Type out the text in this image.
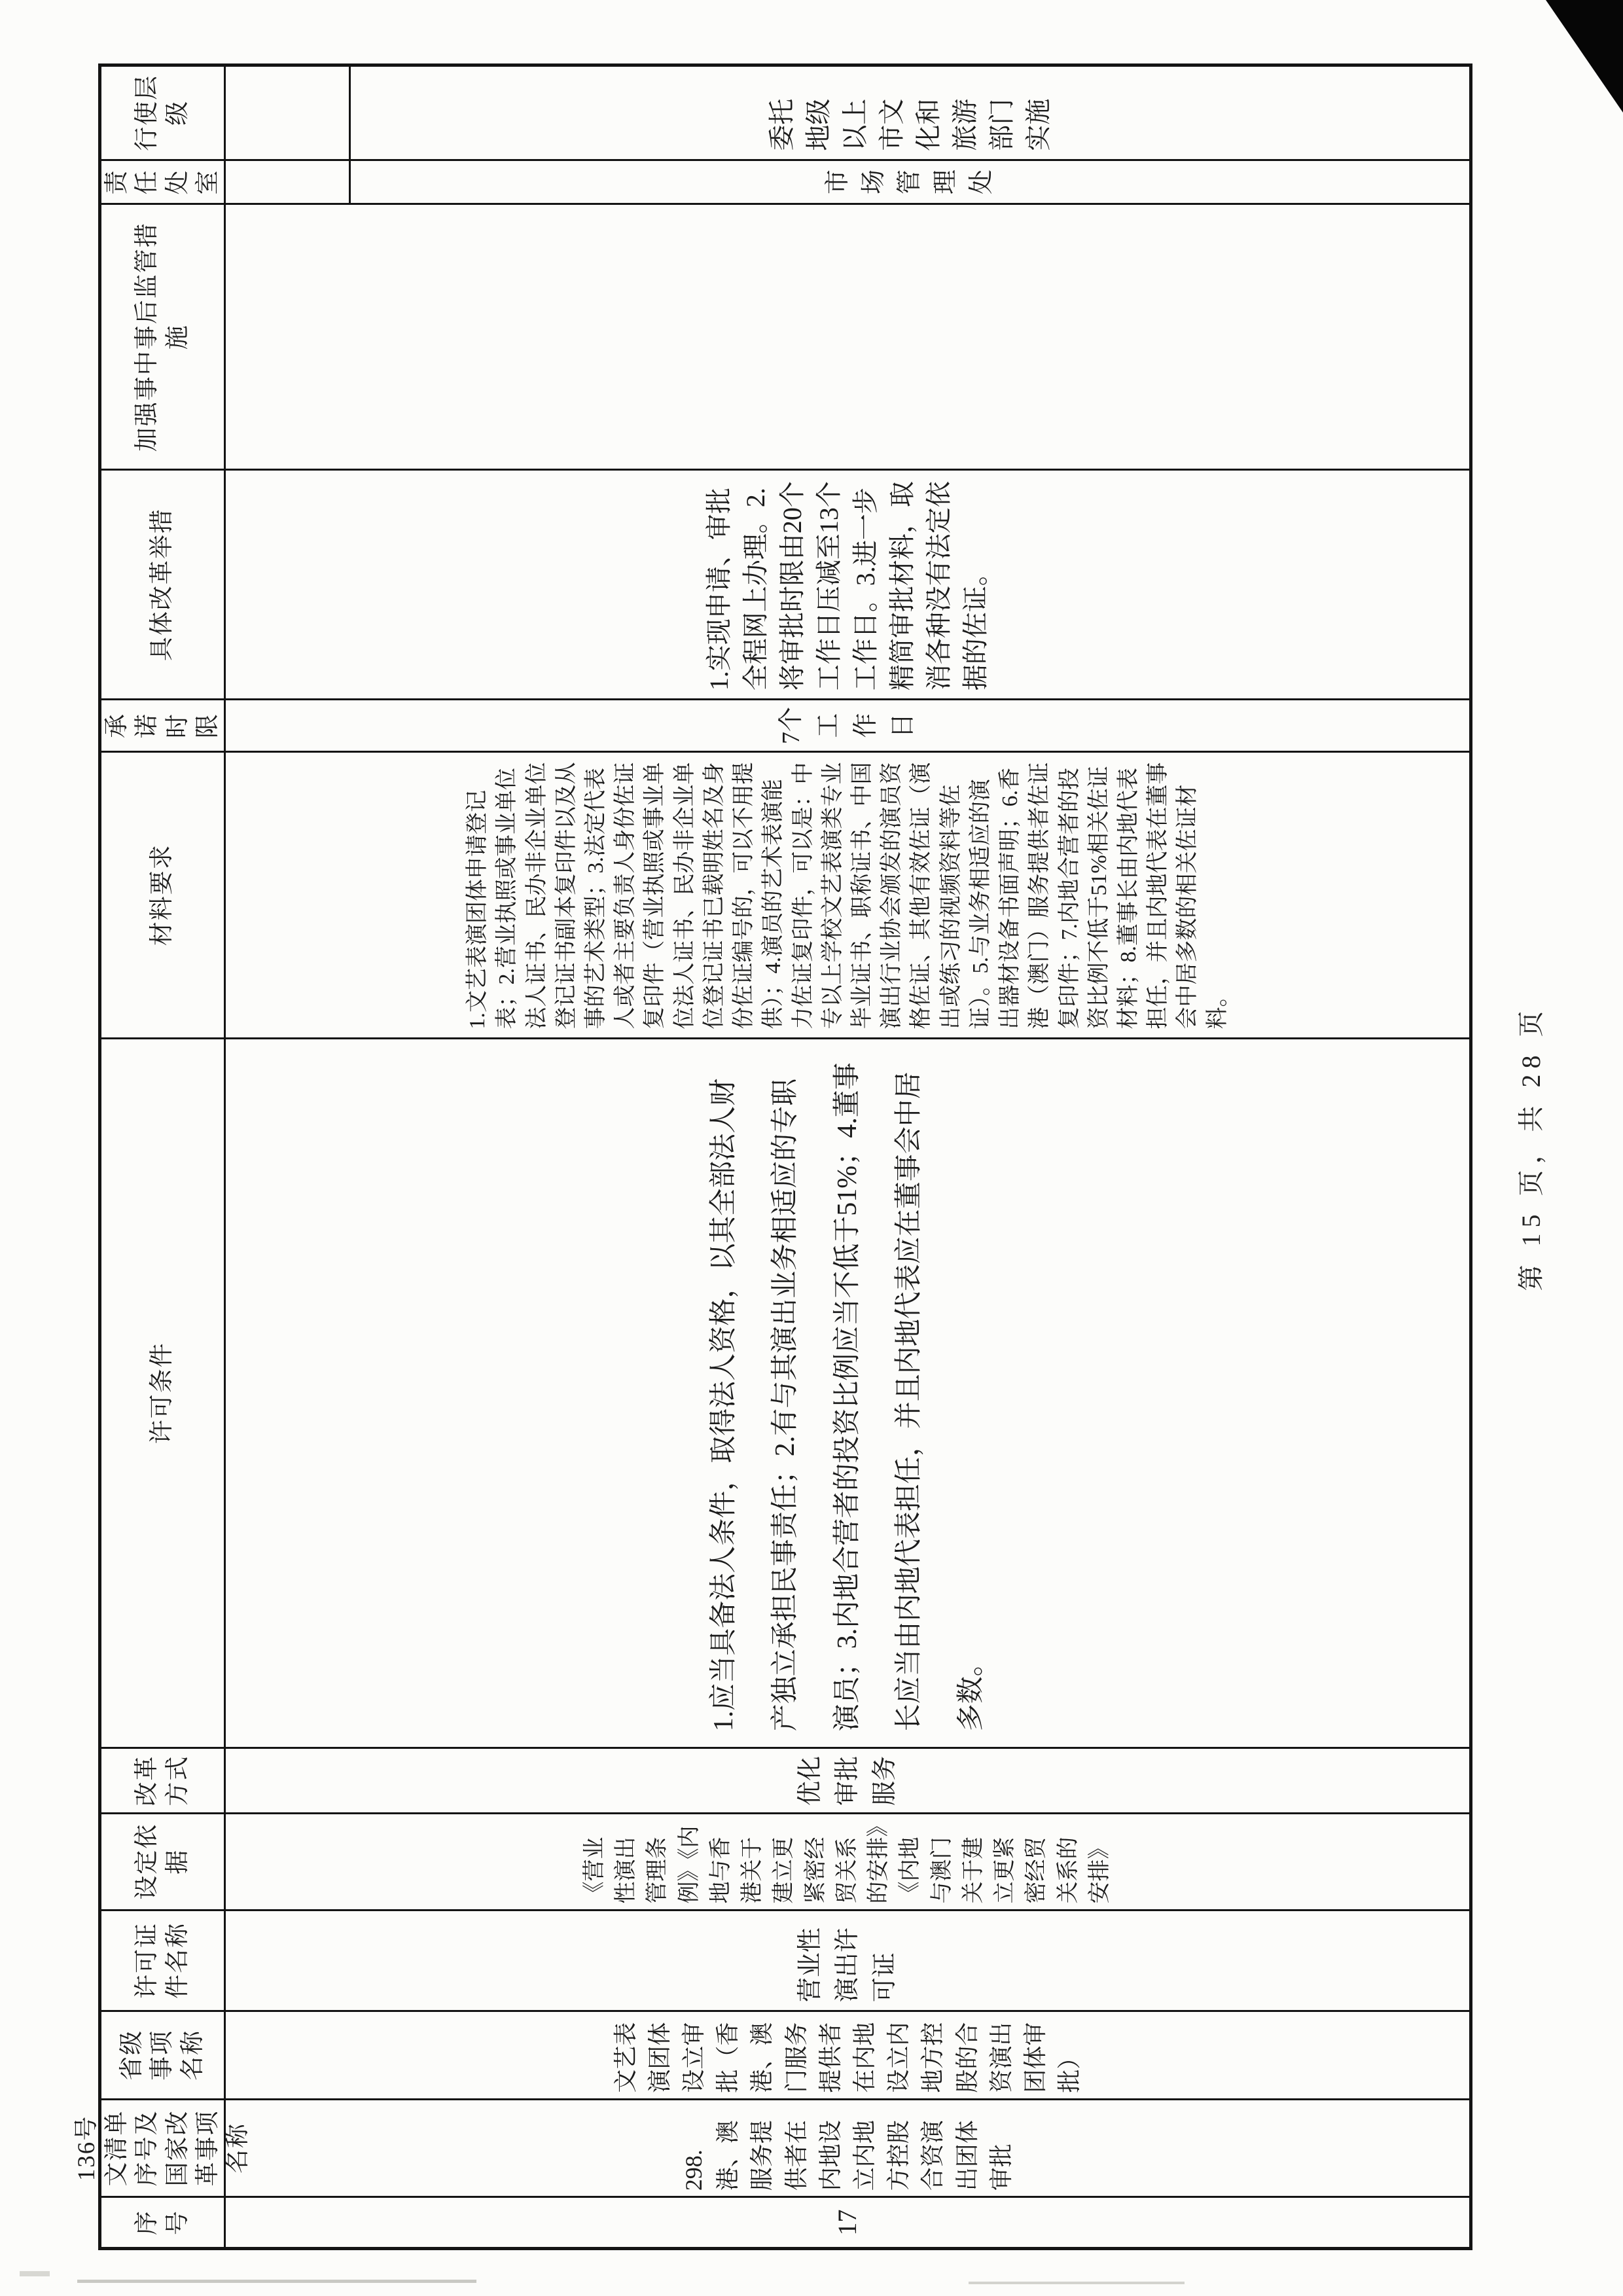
序号	17
136号文清单序号及国家改革事项名称	298.港、澳服务提供者在内地设立内地方控股合资演出团体审批
省级事项名称	文艺表演团体设立审批（香港、澳门服务提供者在内地设立内地方控股的合资演出团体审批）
许可证件名称	营业性演出许可证
设定依据	《营业性演出管理条例》《内地与香港关于建立更紧密经贸关系的安排》《内地与澳门关于建立更紧密经贸关系的安排》
改革方式	优化审批服务
许可条件	1.应当具备法人条件，取得法人资格，以其全部法人财产独立承担民事责任；2.有与其演出业务相适应的专职演员；3.内地合营者的投资比例应当不低于51%；4.董事长应当由内地代表担任，并且内地代表应在董事会中居多数。
材料要求	1.文艺表演团体申请登记表；2.营业执照或事业单位法人证书、民办非企业单位登记证书副本复印件以及从事的艺术类型；3.法定代表人或者主要负责人身份佐证复印件（营业执照或事业单位法人证书、民办非企业单位登记证书已载明姓名及身份佐证编号的，可以不用提供）；4.演员的艺术表演能力佐证复印件，可以是：中专以上学校文艺表演类专业毕业证书、职称证书、中国演出行业协会颁发的演员资格佐证、其他有效佐证（演出或练习的视频资料等佐证）。5.与业务相适应的演出器材设备书面声明；6.香港（澳门）服务提供者佐证复印件；7.内地合营者的投资比例不低于51%相关佐证材料；8.董事长由内地代表担任，并且内地代表在董事会中居多数的相关佐证材料。
承诺时限	7个工作日
具体改革举措	1.实现申请、审批全程网上办理。2.将审批时限由20个工作日压减至13个工作日。3.进一步精简审批材料，取消各种没有法定依据的佐证。
加强事中事后监管措施
责任处室	市场管理处
行使层级	委托地级以上市文化和旅游部门实施
第 15 页，共 28 页
